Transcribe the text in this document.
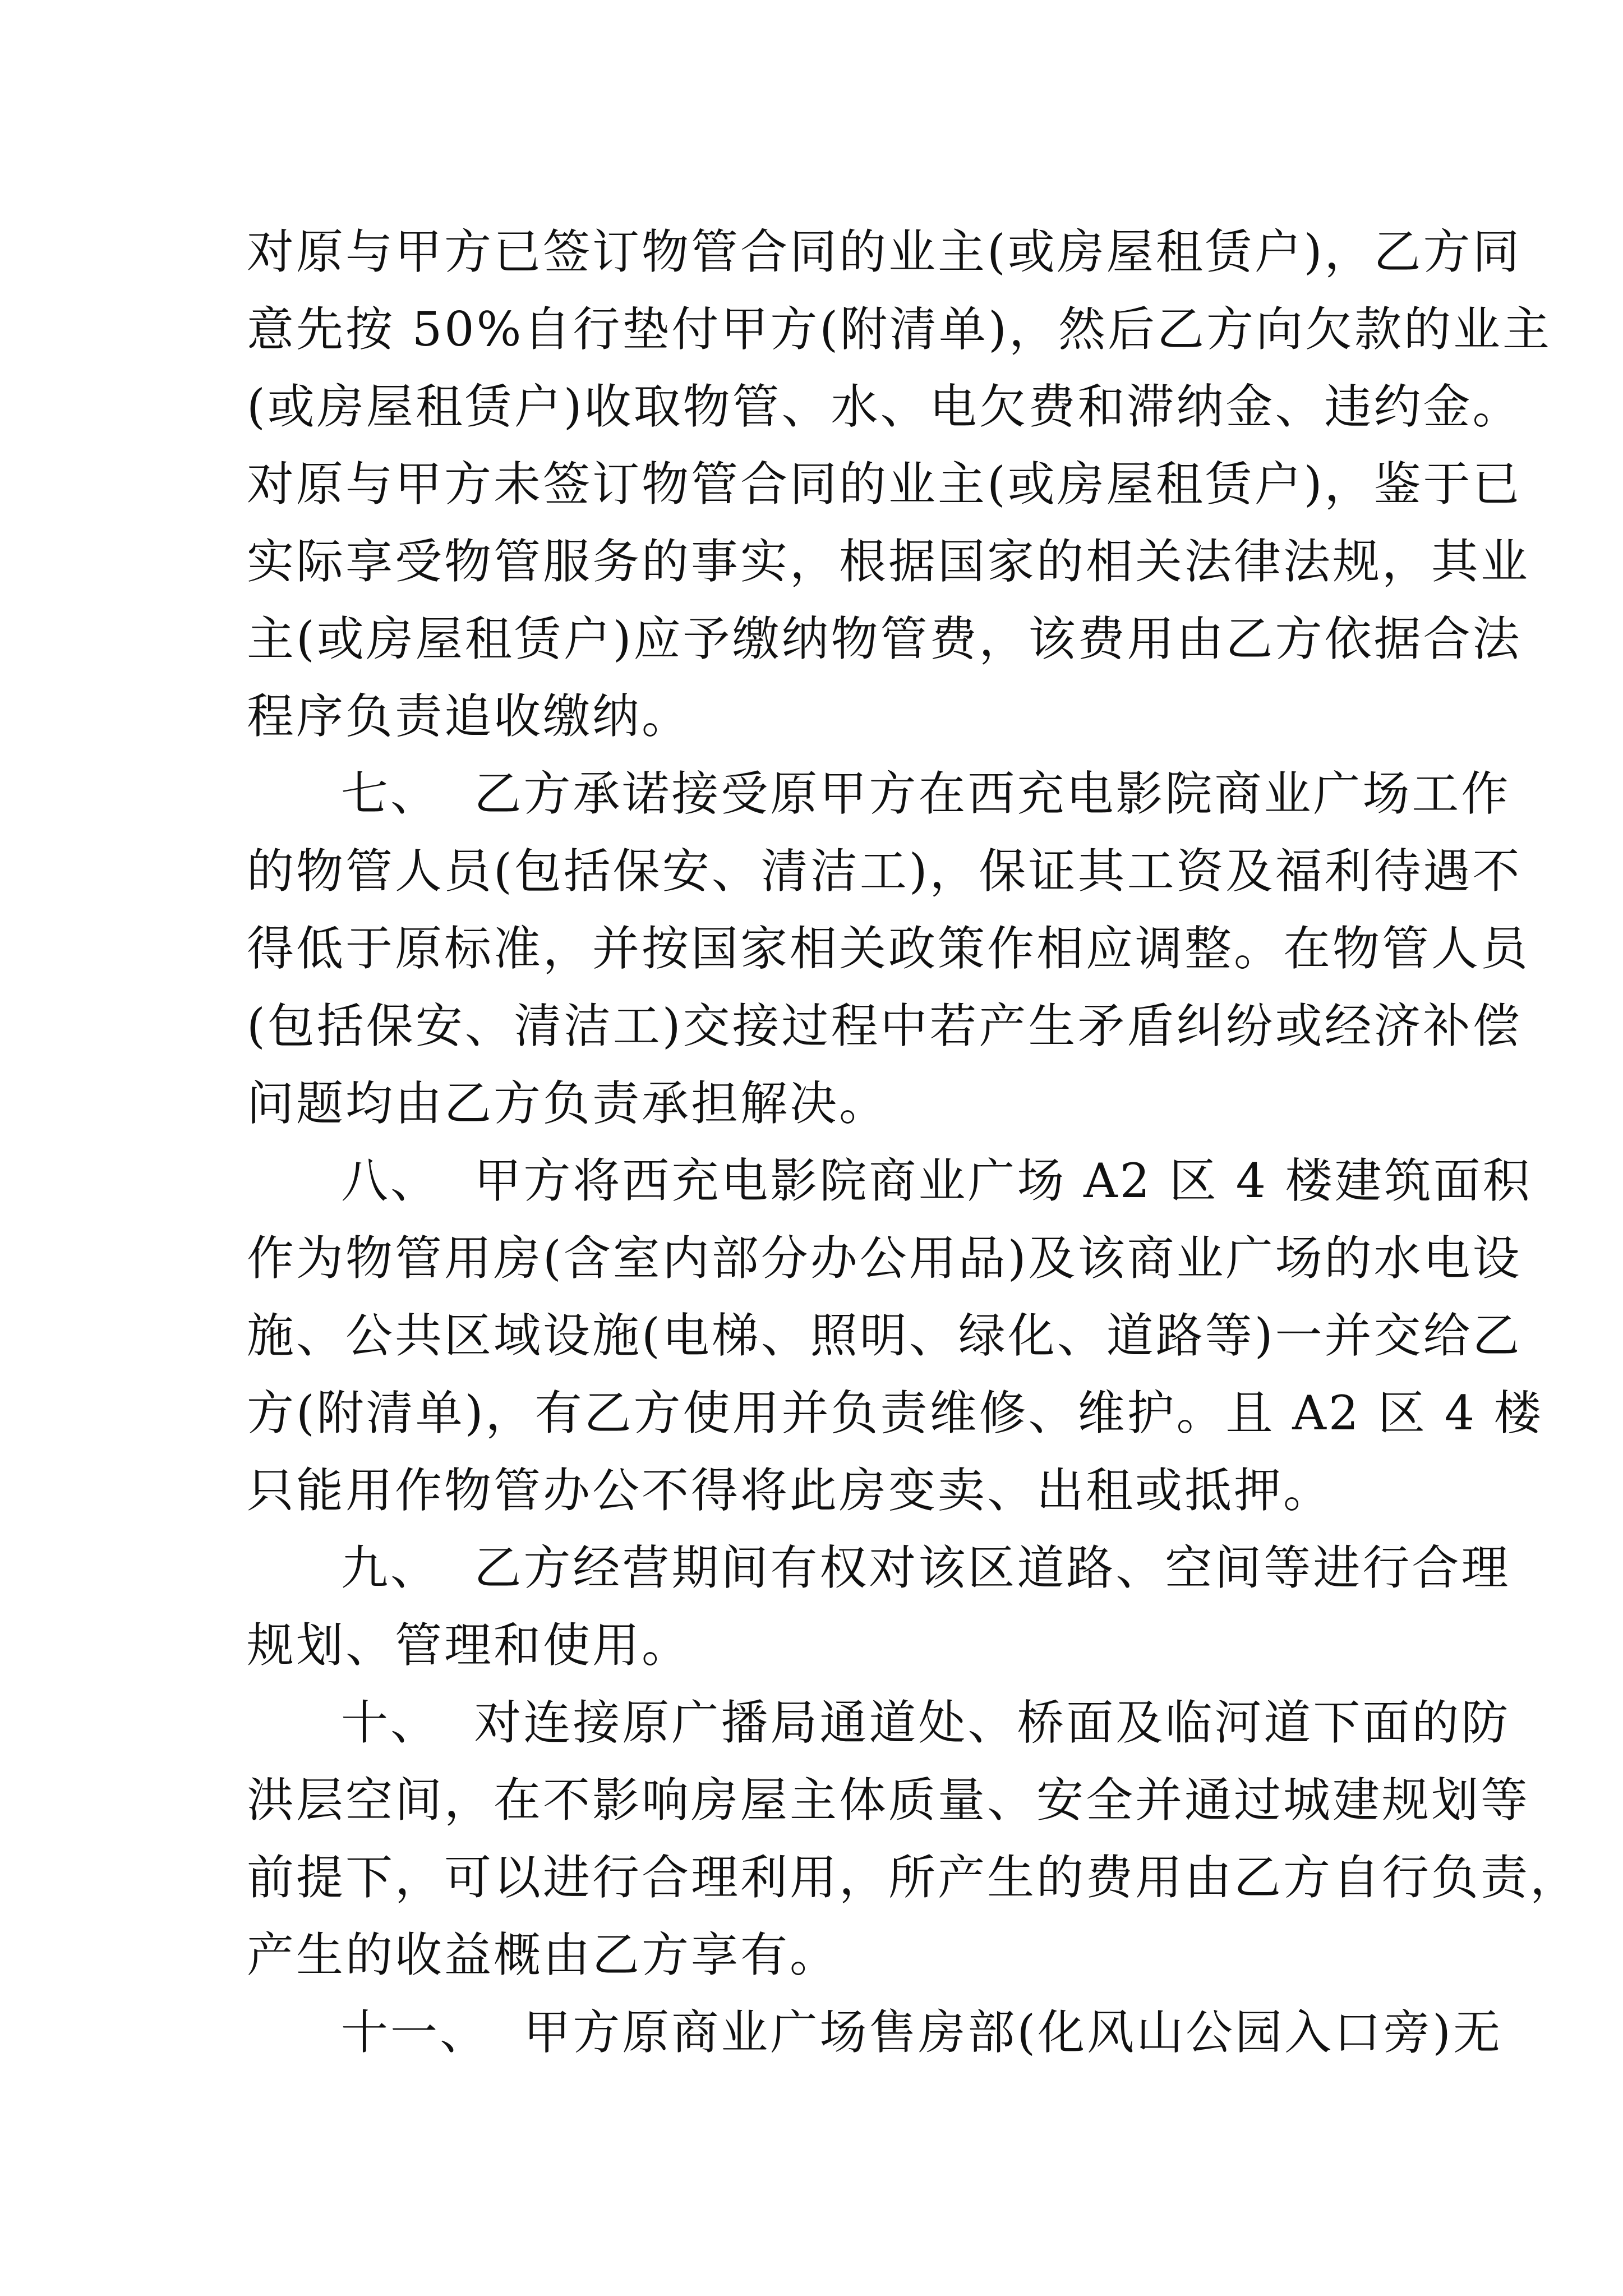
对原与甲方已签订物管合同的业主(或房屋租赁户)，乙方同
意先按 50%自行垫付甲方(附清单)，然后乙方向欠款的业主
(或房屋租赁户)收取物管、水、电欠费和滞纳金、违约金。
对原与甲方未签订物管合同的业主(或房屋租赁户)，鉴于已
实际享受物管服务的事实，根据国家的相关法律法规，其业
主(或房屋租赁户)应予缴纳物管费，该费用由乙方依据合法
程序负责追收缴纳。
七、  乙方承诺接受原甲方在西充电影院商业广场工作
的物管人员(包括保安、清洁工)，保证其工资及福利待遇不
得低于原标准，并按国家相关政策作相应调整。在物管人员
(包括保安、清洁工)交接过程中若产生矛盾纠纷或经济补偿
问题均由乙方负责承担解决。
八、  甲方将西充电影院商业广场 A2 区 4 楼建筑面积
作为物管用房(含室内部分办公用品)及该商业广场的水电设
施、公共区域设施(电梯、照明、绿化、道路等)一并交给乙
方(附清单)，有乙方使用并负责维修、维护。且 A2 区 4 楼
只能用作物管办公不得将此房变卖、出租或抵押。
九、  乙方经营期间有权对该区道路、空间等进行合理
规划、管理和使用。
十、  对连接原广播局通道处、桥面及临河道下面的防
洪层空间，在不影响房屋主体质量、安全并通过城建规划等
前提下，可以进行合理利用，所产生的费用由乙方自行负责，
产生的收益概由乙方享有。
十一、  甲方原商业广场售房部(化风山公园入口旁)无
